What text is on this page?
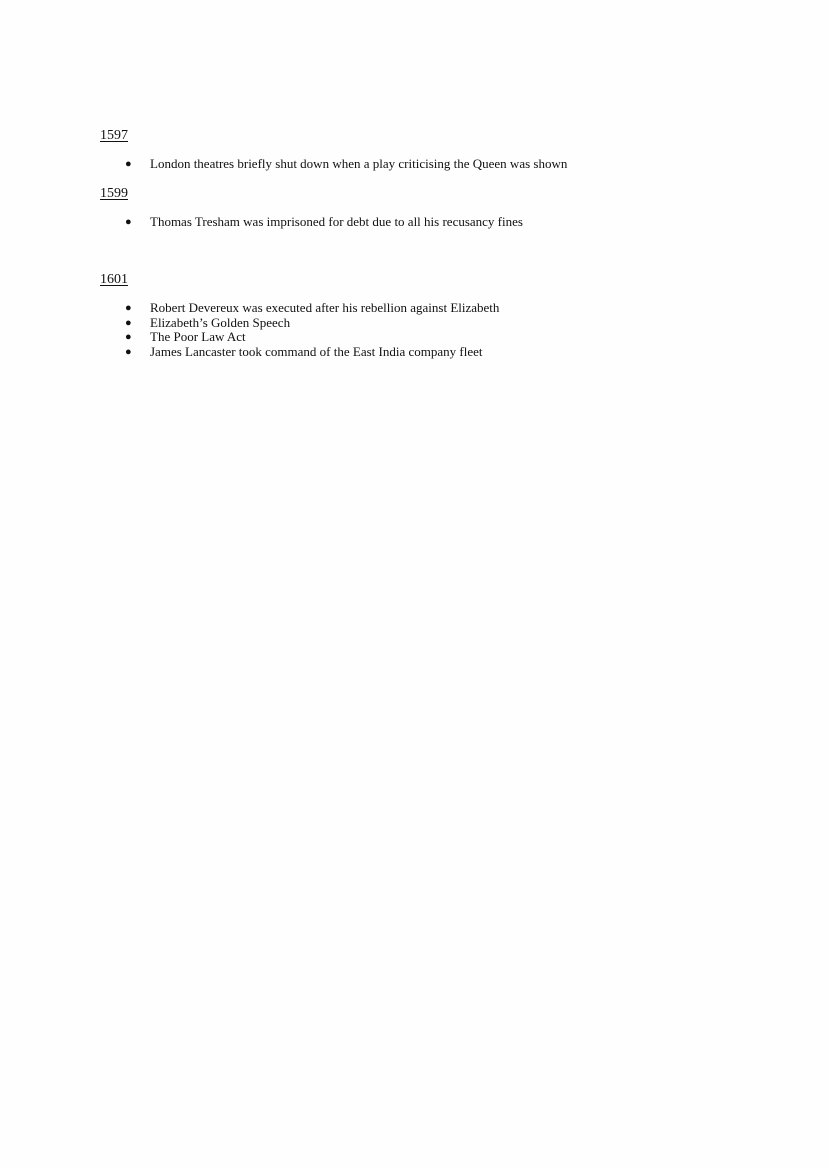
1597
● London theatres briefly shut down when a play criticising the Queen was shown
1599
● Thomas Tresham was imprisoned for debt due to all his recusancy fines
1601
● Robert Devereux was executed after his rebellion against Elizabeth
● Elizabeth’s Golden Speech
● The Poor Law Act
● James Lancaster took command of the East India company fleet
